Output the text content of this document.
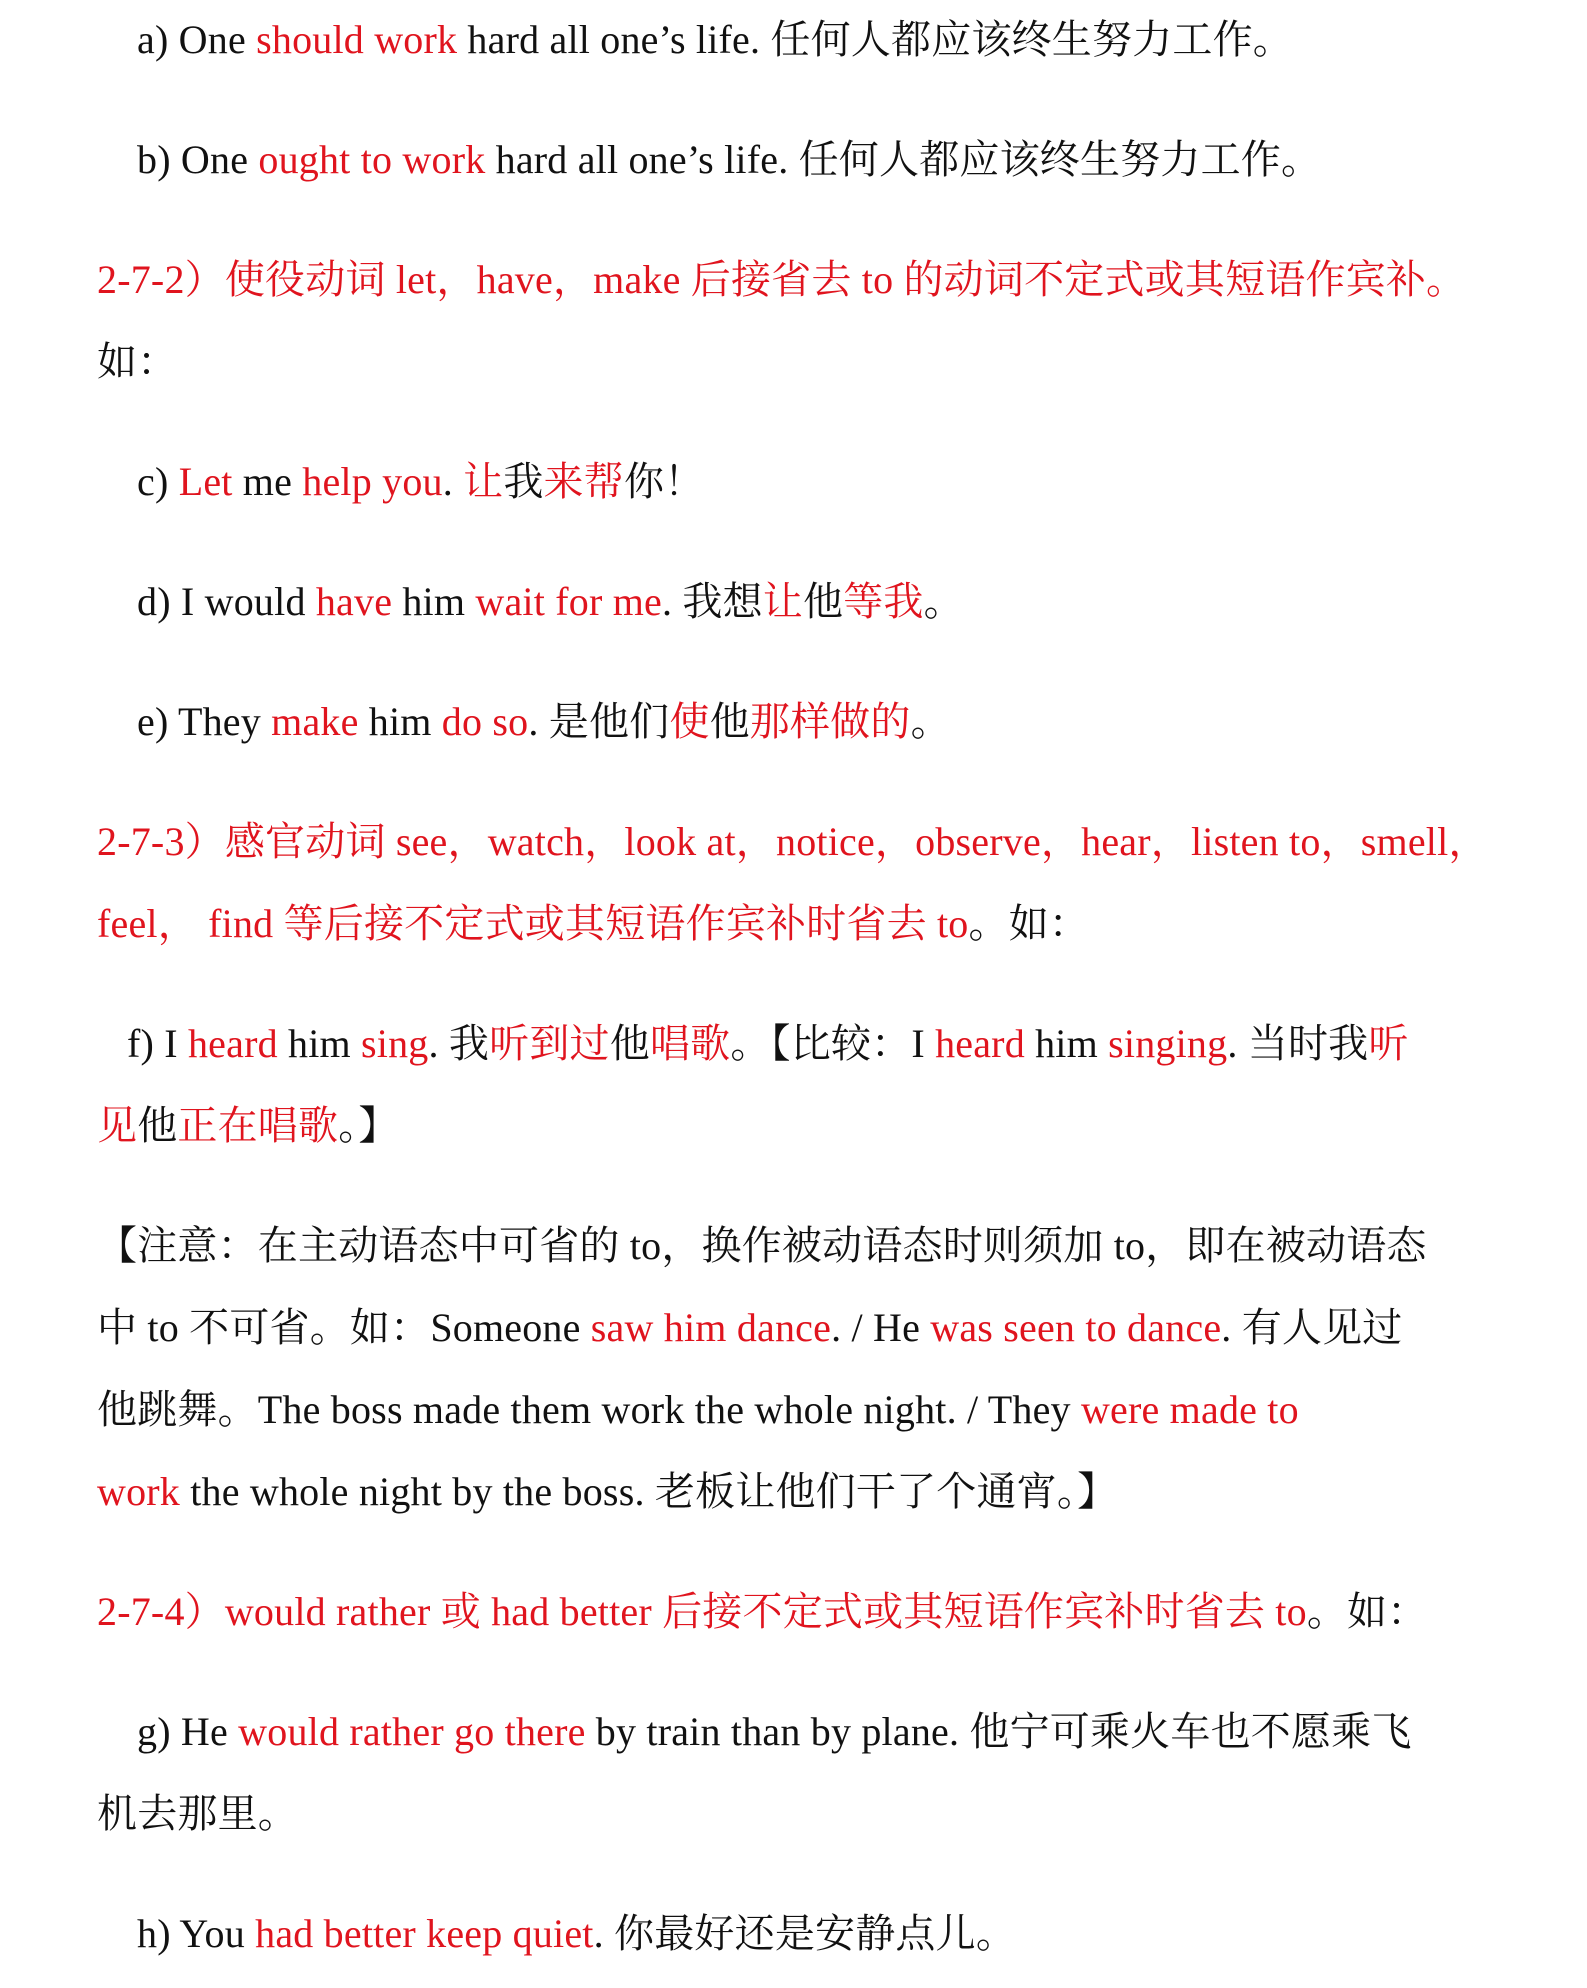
a) One should work hard all one’s life. 任何人都应该终生努力工作。
b) One ought to work hard all one’s life. 任何人都应该终生努力工作。
2-7-2）使役动词 let，have，make 后接省去 to 的动词不定式或其短语作宾补。
如：
c) Let me help you. 让我来帮你！
d) I would have him wait for me. 我想让他等我。
e) They make him do so. 是他们使他那样做的。
2-7-3）感官动词 see，watch，look at，notice，observe，hear，listen to，smell，
feel， find 等后接不定式或其短语作宾补时省去 to。如：
f) I heard him sing. 我听到过他唱歌。【比较：I heard him singing. 当时我听
见他正在唱歌。】
【注意：在主动语态中可省的 to，换作被动语态时则须加 to，即在被动语态
中 to 不可省。如：Someone saw him dance. / He was seen to dance. 有人见过
他跳舞。The boss made them work the whole night. / They were made to
work the whole night by the boss. 老板让他们干了个通宵。】
2-7-4）would rather 或 had better 后接不定式或其短语作宾补时省去 to。如：
g) He would rather go there by train than by plane. 他宁可乘火车也不愿乘飞
机去那里。
h) You had better keep quiet. 你最好还是安静点儿。
